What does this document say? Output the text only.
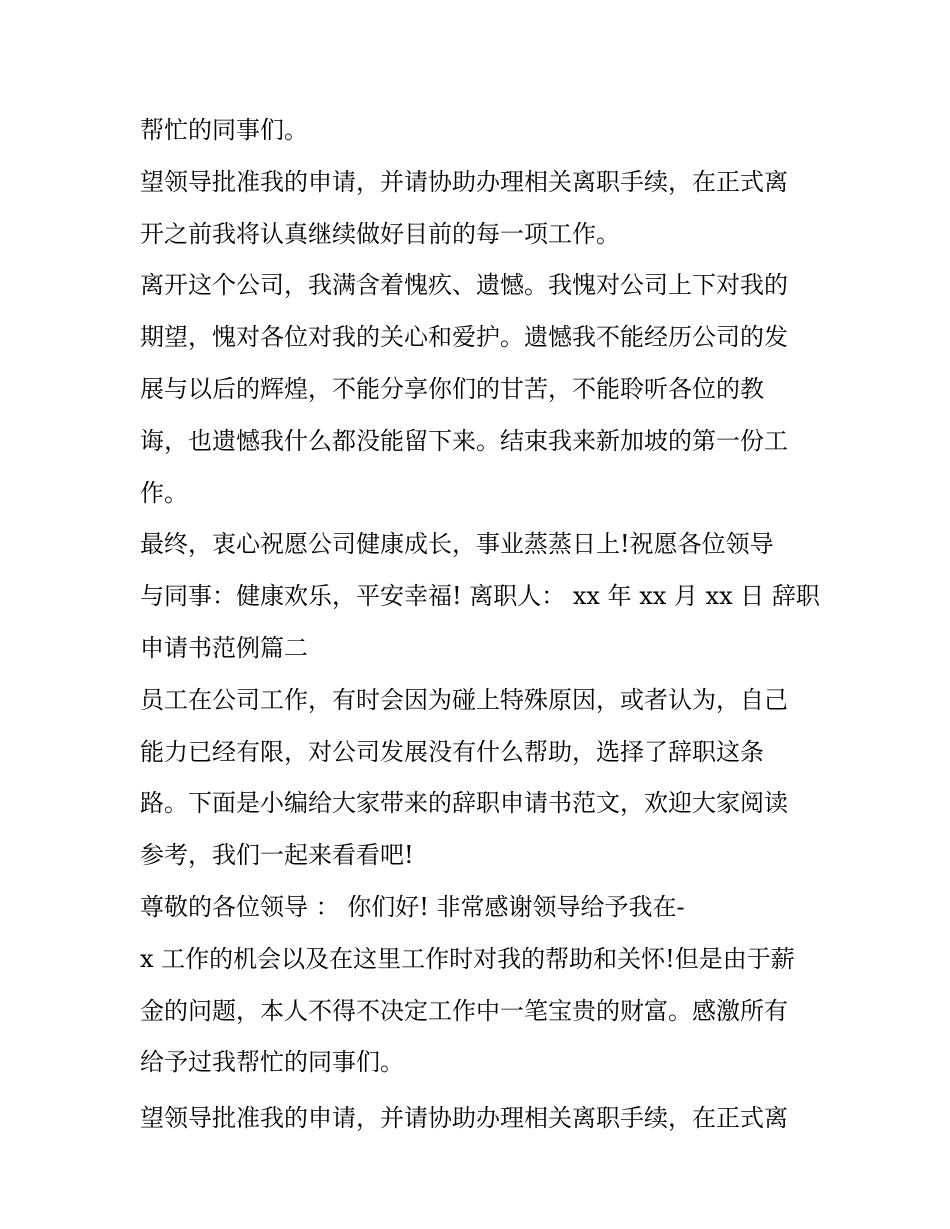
帮忙的同事们。
望领导批准我的申请，并请协助办理相关离职手续，在正式离
开之前我将认真继续做好目前的每一项工作。
离开这个公司，我满含着愧疚、遗憾。我愧对公司上下对我的
期望，愧对各位对我的关心和爱护。遗憾我不能经历公司的发
展与以后的辉煌，不能分享你们的甘苦，不能聆听各位的教
诲，也遗憾我什么都没能留下来。结束我来新加坡的第一份工
作。
最终，衷心祝愿公司健康成长，事业蒸蒸日上!祝愿各位领导
与同事：健康欢乐，平安幸福! 离职人： xx 年 xx 月 xx 日 辞职
申请书范例篇二
员工在公司工作，有时会因为碰上特殊原因，或者认为，自己
能力已经有限，对公司发展没有什么帮助，选择了辞职这条
路。下面是小编给大家带来的辞职申请书范文，欢迎大家阅读
参考，我们一起来看看吧!
尊敬的各位领导 ： 你们好! 非常感谢领导给予我在-
x 工作的机会以及在这里工作时对我的帮助和关怀!但是由于薪
金的问题，本人不得不决定工作中一笔宝贵的财富。感激所有
给予过我帮忙的同事们。
望领导批准我的申请，并请协助办理相关离职手续，在正式离
